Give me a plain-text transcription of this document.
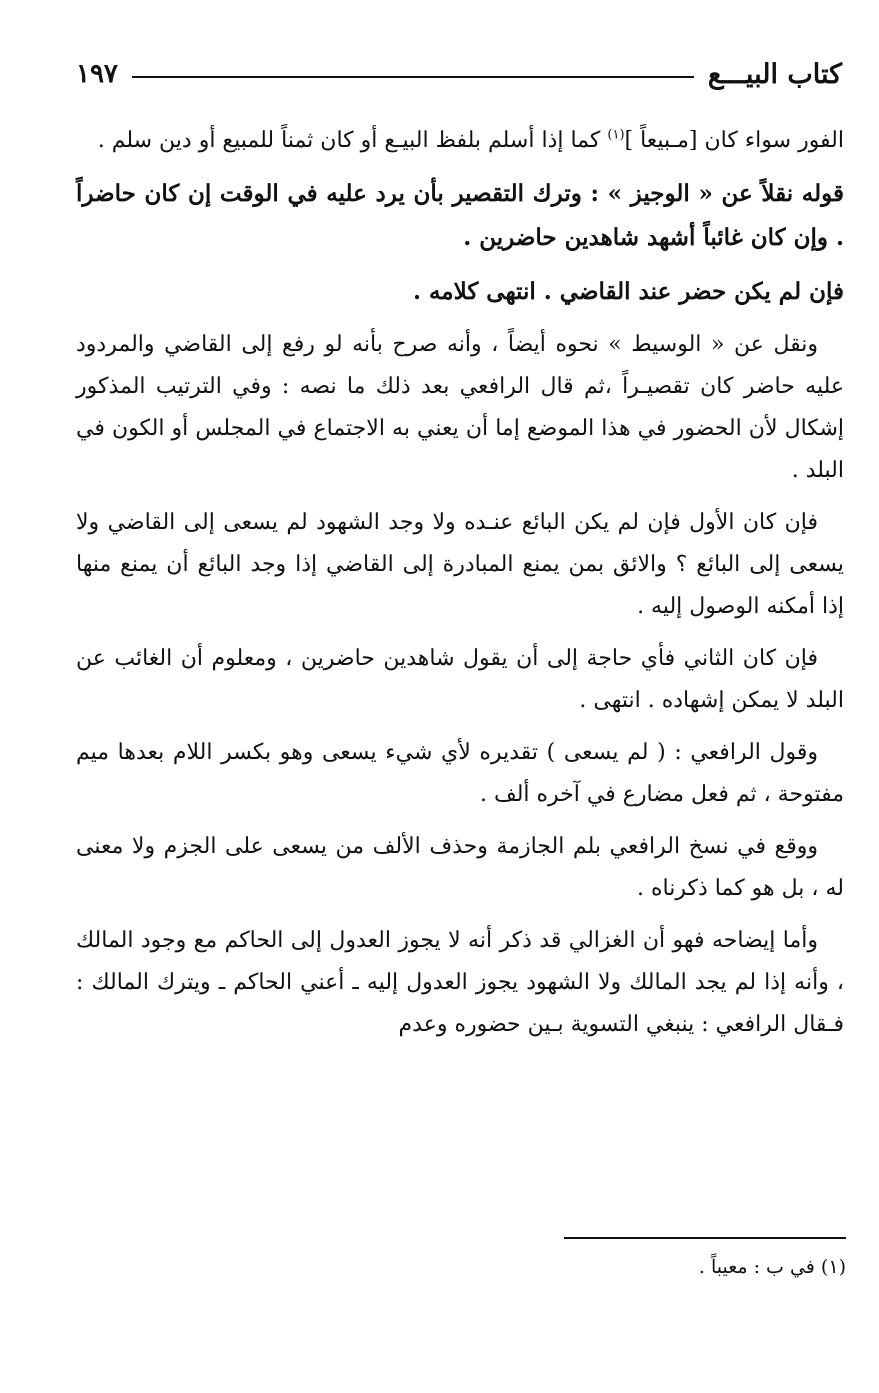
كتاب البيـــع
١٩٧

الفور سواء كان [مـبيعاً ]$^{(١)}$ كما إذا أسلم بلفظ البيـع أو كان ثمناً للمبيع أو دين سلم .

قوله نقلاً عن « الوجيز » : وترك التقصير بأن يرد عليه في الوقت إن كان حاضراً . وإن كان غائباً أشهد شاهدين حاضرين .

فإن لم يكن حضر عند القاضي . انتهى كلامه .

ونقل عن « الوسيط » نحوه أيضاً ، وأنه صرح بأنه لو رفع إلى القاضي والمردود عليه حاضر كان تقصيـراً ،ثم قال الرافعي بعد ذلك ما نصه : وفي الترتيب المذكور إشكال لأن الحضور في هذا الموضع إما أن يعني به الاجتماع في المجلس أو الكون في البلد .

فإن كان الأول فإن لم يكن البائع عنـده ولا وجد الشهود لم يسعى إلى القاضي ولا يسعى إلى البائع ؟ والائق بمن يمنع المبادرة إلى القاضي إذا وجد البائع أن يمنع منها إذا أمكنه الوصول إليه .

فإن كان الثاني فأي حاجة إلى أن يقول شاهدين حاضرين ، ومعلوم أن الغائب عن البلد لا يمكن إشهاده . انتهى .

وقول الرافعي : ( لم يسعى ) تقديره لأي شيء يسعى وهو بكسر اللام بعدها ميم مفتوحة ، ثم فعل مضارع في آخره ألف .

ووقع في نسخ الرافعي بلم الجازمة وحذف الألف من يسعى على الجزم ولا معنى له ، بل هو كما ذكرناه .

وأما إيضاحه فهو أن الغزالي قد ذكر أنه لا يجوز العدول إلى الحاكم مع وجود المالك ، وأنه إذا لم يجد المالك ولا الشهود يجوز العدول إليه ـ أعني الحاكم ـ ويترك المالك : فـقال الرافعي : ينبغي التسوية بـين حضوره وعدم

(١) في ب : معيباً .
